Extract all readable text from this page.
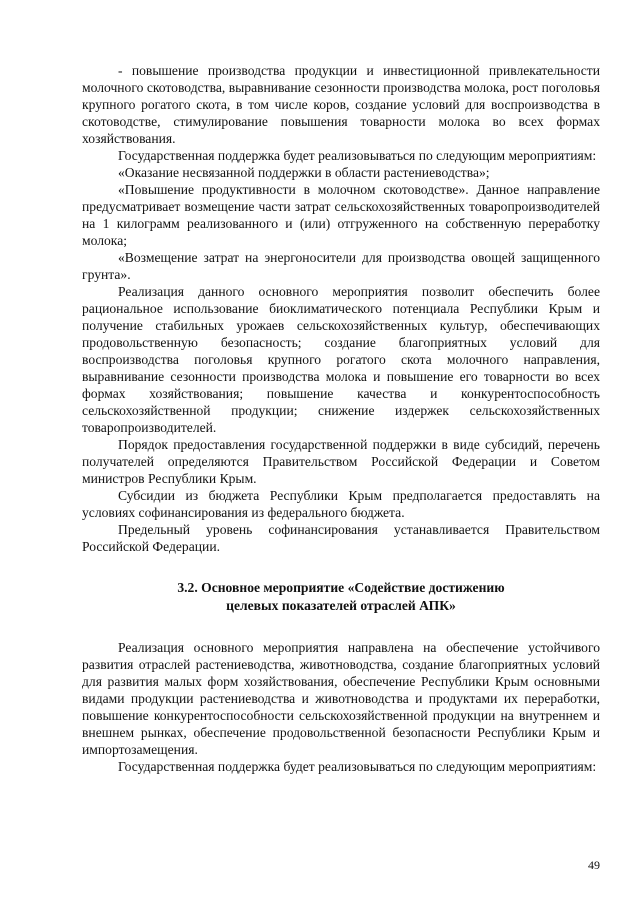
- повышение производства продукции и инвестиционной привлекательности молочного скотоводства, выравнивание сезонности производства молока, рост поголовья крупного рогатого скота, в том числе коров, создание условий для воспроизводства в скотоводстве, стимулирование повышения товарности молока во всех формах хозяйствования.

Государственная поддержка будет реализовываться по следующим мероприятиям:

«Оказание несвязанной поддержки в области растениеводства»;

«Повышение продуктивности в молочном скотоводстве». Данное направление предусматривает возмещение части затрат сельскохозяйственных товаропроизводителей на 1 килограмм реализованного и (или) отгруженного на собственную переработку молока;

«Возмещение затрат на энергоносители для производства овощей защищенного грунта».

Реализация данного основного мероприятия позволит обеспечить более рациональное использование биоклиматического потенциала Республики Крым и получение стабильных урожаев сельскохозяйственных культур, обеспечивающих продовольственную безопасность; создание благоприятных условий для воспроизводства поголовья крупного рогатого скота молочного направления, выравнивание сезонности производства молока и повышение его товарности во всех формах хозяйствования; повышение качества и конкурентоспособность сельскохозяйственной продукции; снижение издержек сельскохозяйственных товаропроизводителей.

Порядок предоставления государственной поддержки в виде субсидий, перечень получателей определяются Правительством Российской Федерации и Советом министров Республики Крым.

Субсидии из бюджета Республики Крым предполагается предоставлять на условиях софинансирования из федерального бюджета.

Предельный уровень софинансирования устанавливается Правительством Российской Федерации.

3.2. Основное мероприятие «Содействие достижению
целевых показателей отраслей АПК»

Реализация основного мероприятия направлена на обеспечение устойчивого развития отраслей растениеводства, животноводства, создание благоприятных условий для развития малых форм хозяйствования, обеспечение Республики Крым основными видами продукции растениеводства и животноводства и продуктами их переработки, повышение конкурентоспособности сельскохозяйственной продукции на внутреннем и внешнем рынках, обеспечение продовольственной безопасности Республики Крым и импортозамещения.

Государственная поддержка будет реализовываться по следующим мероприятиям:

49
